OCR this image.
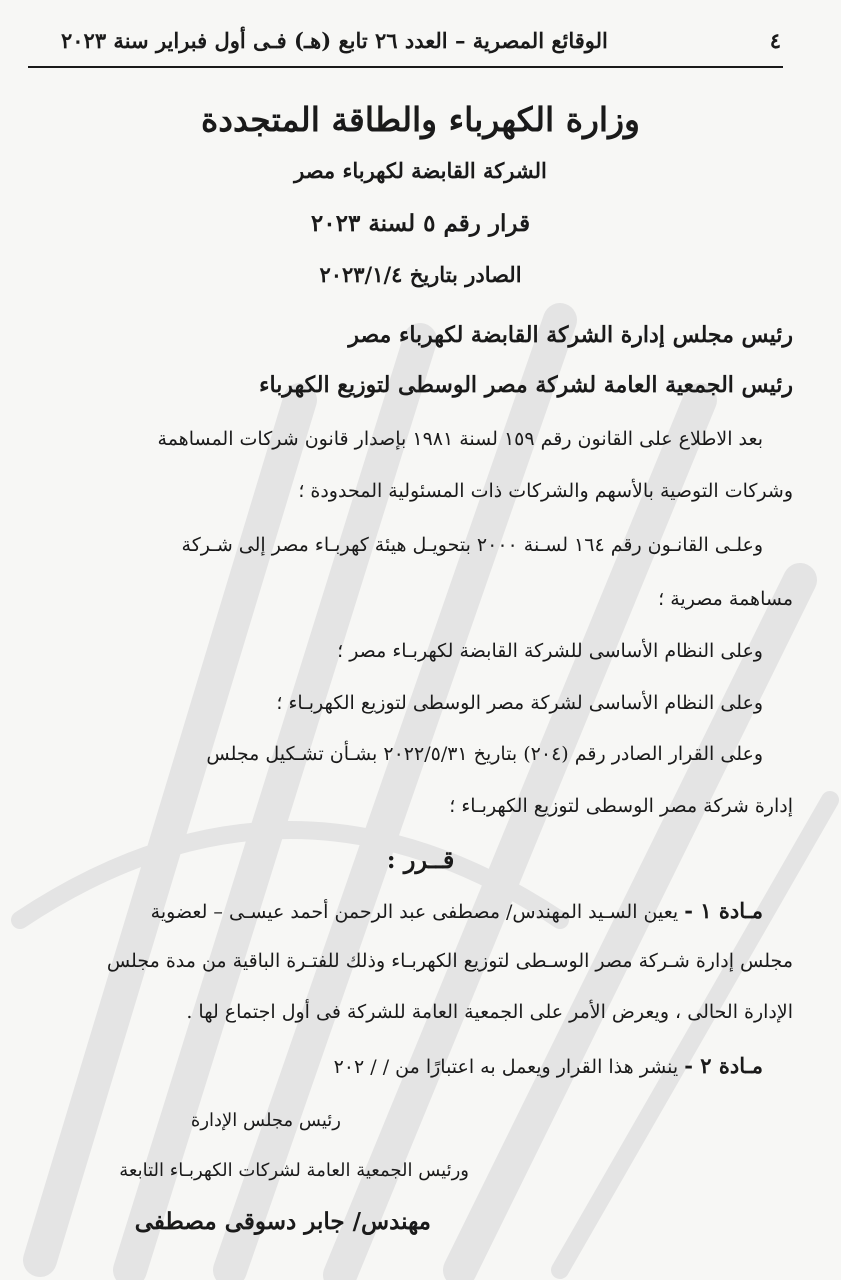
٤
الوقائع المصرية – العدد ٢٦ تابع (هـ) فـى أول فبراير سنة ٢٠٢٣
وزارة الكهرباء والطاقة المتجددة
الشركة القابضة لكهرباء مصر
قرار رقم ٥ لسنة ٢٠٢٣
الصادر بتاريخ ٢٠٢٣/١/٤
رئيس مجلس إدارة الشركة القابضة لكهرباء مصر
رئيس الجمعية العامة لشركة مصر الوسطى لتوزيع الكهرباء
بعد الاطلاع على القانون رقم ١٥٩ لسنة ١٩٨١ بإصدار قانون شركات المساهمة
وشركات التوصية بالأسهم والشركات ذات المسئولية المحدودة ؛
وعلـى القانـون رقم ١٦٤ لسـنة ٢٠٠٠ بتحويـل هيئة كهربـاء مصر إلى شـركة
مساهمة مصرية ؛
وعلى النظام الأساسى للشركة القابضة لكهربـاء مصر ؛
وعلى النظام الأساسى لشركة مصر الوسطى لتوزيع الكهربـاء ؛
وعلى القرار الصادر رقم (٢٠٤) بتاريخ ٢٠٢٢/٥/٣١ بشـأن تشـكيل مجلس
إدارة شركة مصر الوسطى لتوزيع الكهربـاء ؛
قــرر :
مـادة ١ - يعين السـيد المهندس/ مصطفى عبد الرحمن أحمد عيسـى – لعضوية
مجلس إدارة شـركة مصر الوسـطى لتوزيع الكهربـاء وذلك للفتـرة الباقية من مدة مجلس
الإدارة الحالى ، ويعرض الأمر على الجمعية العامة للشركة فى أول اجتماع لها .
مـادة ٢ - ينشر هذا القرار ويعمل به اعتبارًا من / / ٢٠٢
رئيس مجلس الإدارة
ورئيس الجمعية العامة لشركات الكهربـاء التابعة
مهندس/ جابر دسوقى مصطفى
